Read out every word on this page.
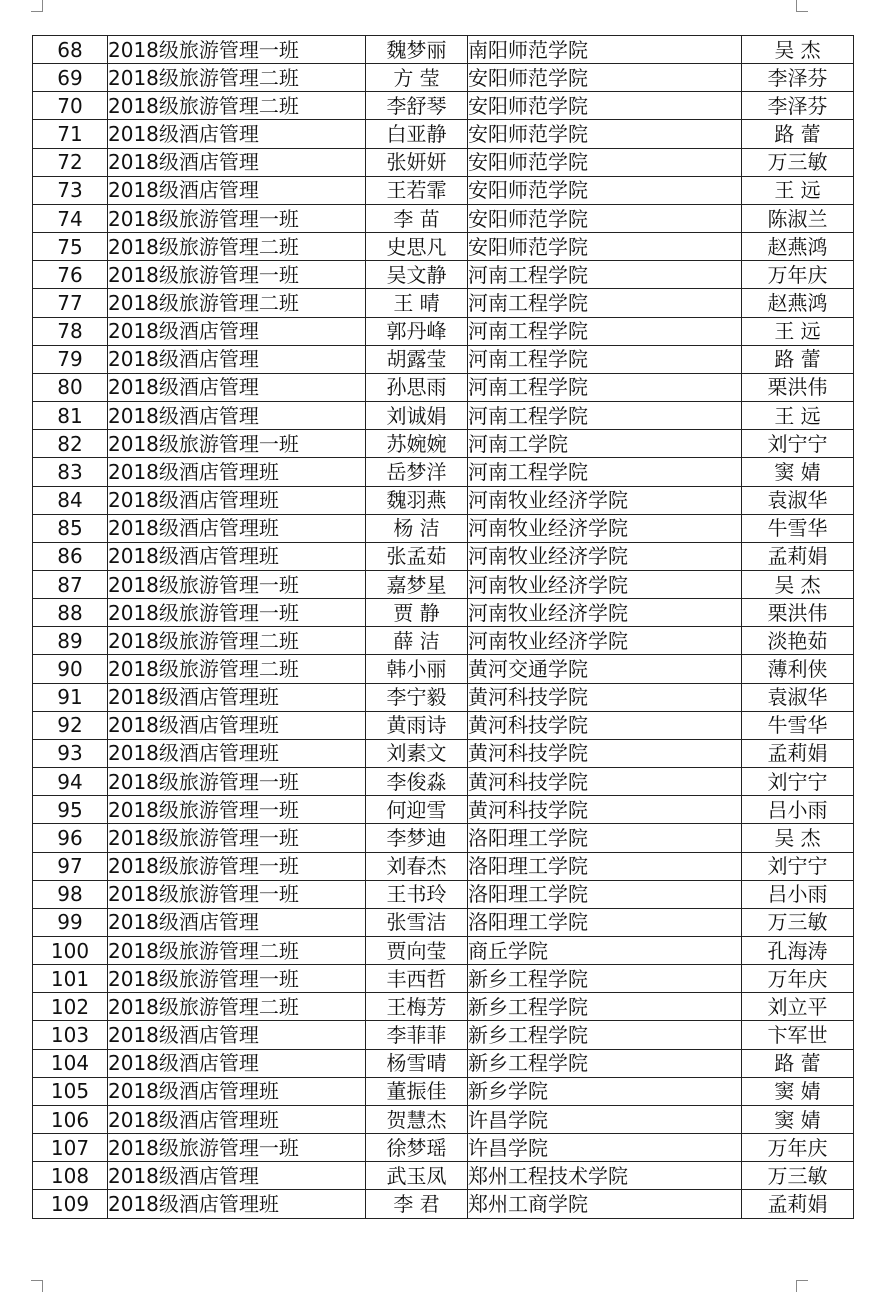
68	2018级旅游管理一班	魏梦丽	南阳师范学院	吴 杰
69	2018级旅游管理二班	方 莹	安阳师范学院	李泽芬
70	2018级旅游管理二班	李舒琴	安阳师范学院	李泽芬
71	2018级酒店管理	白亚静	安阳师范学院	路 蕾
72	2018级酒店管理	张妍妍	安阳师范学院	万三敏
73	2018级酒店管理	王若霏	安阳师范学院	王 远
74	2018级旅游管理一班	李 苗	安阳师范学院	陈淑兰
75	2018级旅游管理二班	史思凡	安阳师范学院	赵燕鸿
76	2018级旅游管理一班	吴文静	河南工程学院	万年庆
77	2018级旅游管理二班	王 晴	河南工程学院	赵燕鸿
78	2018级酒店管理	郭丹峰	河南工程学院	王 远
79	2018级酒店管理	胡露莹	河南工程学院	路 蕾
80	2018级酒店管理	孙思雨	河南工程学院	栗洪伟
81	2018级酒店管理	刘诚娟	河南工程学院	王 远
82	2018级旅游管理一班	苏婉婉	河南工学院	刘宁宁
83	2018级酒店管理班	岳梦洋	河南工程学院	窦 婧
84	2018级酒店管理班	魏羽燕	河南牧业经济学院	袁淑华
85	2018级酒店管理班	杨 洁	河南牧业经济学院	牛雪华
86	2018级酒店管理班	张孟茹	河南牧业经济学院	孟莉娟
87	2018级旅游管理一班	嘉梦星	河南牧业经济学院	吴 杰
88	2018级旅游管理一班	贾 静	河南牧业经济学院	栗洪伟
89	2018级旅游管理二班	薛 洁	河南牧业经济学院	淡艳茹
90	2018级旅游管理二班	韩小丽	黄河交通学院	薄利侠
91	2018级酒店管理班	李宁毅	黄河科技学院	袁淑华
92	2018级酒店管理班	黄雨诗	黄河科技学院	牛雪华
93	2018级酒店管理班	刘素文	黄河科技学院	孟莉娟
94	2018级旅游管理一班	李俊淼	黄河科技学院	刘宁宁
95	2018级旅游管理一班	何迎雪	黄河科技学院	吕小雨
96	2018级旅游管理一班	李梦迪	洛阳理工学院	吴 杰
97	2018级旅游管理一班	刘春杰	洛阳理工学院	刘宁宁
98	2018级旅游管理一班	王书玲	洛阳理工学院	吕小雨
99	2018级酒店管理	张雪洁	洛阳理工学院	万三敏
100	2018级旅游管理二班	贾向莹	商丘学院	孔海涛
101	2018级旅游管理一班	丰西哲	新乡工程学院	万年庆
102	2018级旅游管理二班	王梅芳	新乡工程学院	刘立平
103	2018级酒店管理	李菲菲	新乡工程学院	卞军世
104	2018级酒店管理	杨雪晴	新乡工程学院	路 蕾
105	2018级酒店管理班	董振佳	新乡学院	窦 婧
106	2018级酒店管理班	贺慧杰	许昌学院	窦 婧
107	2018级旅游管理一班	徐梦瑶	许昌学院	万年庆
108	2018级酒店管理	武玉凤	郑州工程技术学院	万三敏
109	2018级酒店管理班	李 君	郑州工商学院	孟莉娟
